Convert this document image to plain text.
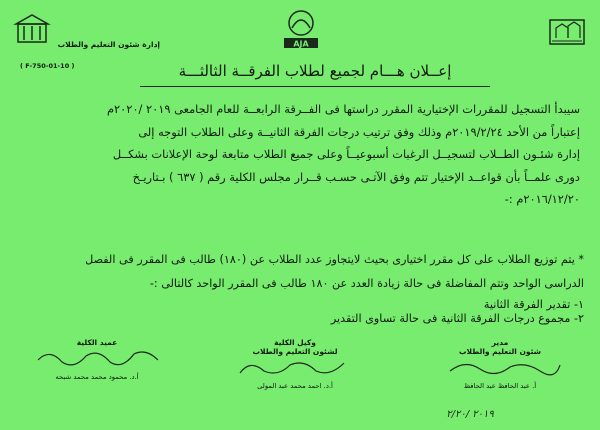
إدارة شئون التعليم والطلاب	AJA
( F-750-01-10 )	إعــلان هـــام لجميع لطلاب الفرقــة الثالثـــة

سيبدأ التسجيل للمقررات الإختيارية المقرر دراستها فى الفــرقة الرابعــة للعام الجامعى ٢٠١٩ /٢٠٢٠م

إعتباراً من الأحد ٢٠١٩/٢/٢٤م وذلك وفق ترتيب درجات الفرقة الثانيــة وعلى الطلاب التوجه إلى

إدارة شئـون الطــلاب لتسجيــل الرغبات أسبوعيــاً وعلى جميع الطلاب متابعة لوحة الإعلانات بشكــل

دورى علمــاً بأن قواعــد الإختيار تتم وفق الآتـى حسـب قــرار مجلس الكلية رقم ( ٦٣٧ ) بـتاريـخ

٢٠١٦/١٢/٢٠م :-

* يتم توزيع الطلاب على كل مقرر اختيارى بحيث لايتجاوز عدد الطلاب عن (١٨٠) طالب فى المقرر فى الفصل

الدراسى الواحد وتتم المفاضلة فى حالة زيادة العدد عن ١٨٠ طالب فى المقرر الواحد كالتالى :-

١- تقدير الفرقة الثانية
٢- مجموع درجات الفرقة الثانية فى حالة تساوى التقدير
مدير
شئون التعليم والطلاب
أ. عبد الحافظ عبد الحافظ
وكيل الكلية
لشئون التعليم والطلاب
أ.د. احمد محمد عبد المولى
عميد الكلية
أ.د. محمود محمد محمد شبحه
٢٠١٩ /٢/٢٠
